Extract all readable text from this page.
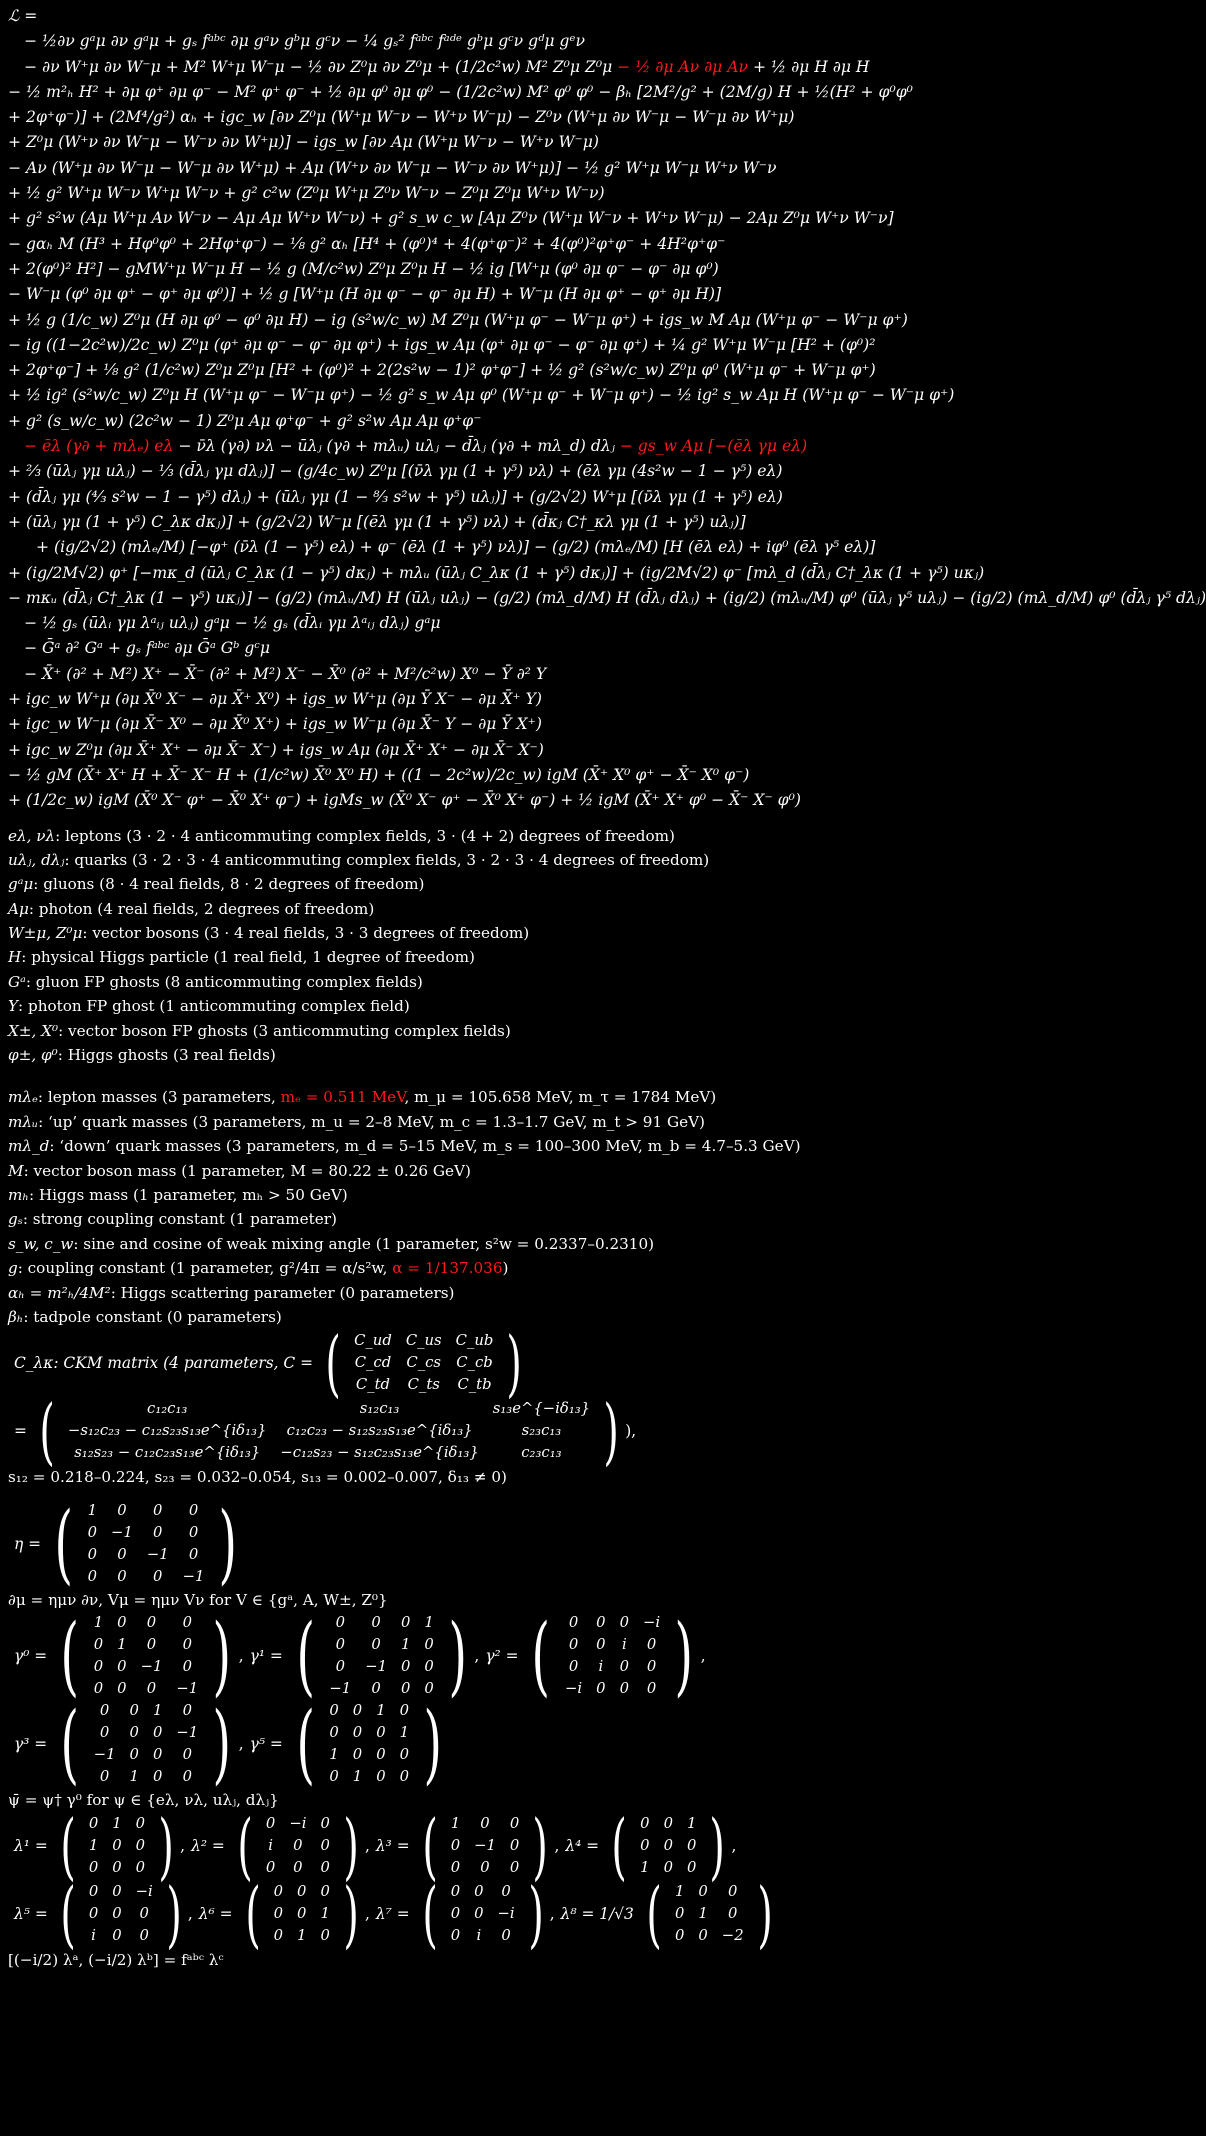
ℒ =
− ½∂ν gᵃμ ∂ν gᵃμ + gₛ fᵃᵇᶜ ∂μ gᵃν gᵇμ gᶜν − ¼ gₛ² fᵃᵇᶜ fᵃᵈᵉ gᵇμ gᶜν gᵈμ gᵉν
− ∂ν W⁺μ ∂ν W⁻μ + M² W⁺μ W⁻μ − ½ ∂ν Z⁰μ ∂ν Z⁰μ + (1/2c²w) M² Z⁰μ Z⁰μ − ½ ∂μ Aν ∂μ Aν + ½ ∂μ H ∂μ H
− ½ m²ₕ H² + ∂μ φ⁺ ∂μ φ⁻ − M² φ⁺ φ⁻ + ½ ∂μ φ⁰ ∂μ φ⁰ − (1/2c²w) M² φ⁰ φ⁰ − βₕ [2M²/g² + (2M/g) H + ½(H² + φ⁰φ⁰
+ 2φ⁺φ⁻)] + (2M⁴/g²) αₕ + igc_w [∂ν Z⁰μ (W⁺μ W⁻ν − W⁺ν W⁻μ) − Z⁰ν (W⁺μ ∂ν W⁻μ − W⁻μ ∂ν W⁺μ)
+ Z⁰μ (W⁺ν ∂ν W⁻μ − W⁻ν ∂ν W⁺μ)] − igs_w [∂ν Aμ (W⁺μ W⁻ν − W⁺ν W⁻μ)
− Aν (W⁺μ ∂ν W⁻μ − W⁻μ ∂ν W⁺μ) + Aμ (W⁺ν ∂ν W⁻μ − W⁻ν ∂ν W⁺μ)] − ½ g² W⁺μ W⁻μ W⁺ν W⁻ν
+ ½ g² W⁺μ W⁻ν W⁺μ W⁻ν + g² c²w (Z⁰μ W⁺μ Z⁰ν W⁻ν − Z⁰μ Z⁰μ W⁺ν W⁻ν)
+ g² s²w (Aμ W⁺μ Aν W⁻ν − Aμ Aμ W⁺ν W⁻ν) + g² s_w c_w [Aμ Z⁰ν (W⁺μ W⁻ν + W⁺ν W⁻μ) − 2Aμ Z⁰μ W⁺ν W⁻ν]
− gαₕ M (H³ + Hφ⁰φ⁰ + 2Hφ⁺φ⁻) − ⅛ g² αₕ [H⁴ + (φ⁰)⁴ + 4(φ⁺φ⁻)² + 4(φ⁰)²φ⁺φ⁻ + 4H²φ⁺φ⁻
+ 2(φ⁰)² H²] − gMW⁺μ W⁻μ H − ½ g (M/c²w) Z⁰μ Z⁰μ H − ½ ig [W⁺μ (φ⁰ ∂μ φ⁻ − φ⁻ ∂μ φ⁰)
− W⁻μ (φ⁰ ∂μ φ⁺ − φ⁺ ∂μ φ⁰)] + ½ g [W⁺μ (H ∂μ φ⁻ − φ⁻ ∂μ H) + W⁻μ (H ∂μ φ⁺ − φ⁺ ∂μ H)]
+ ½ g (1/c_w) Z⁰μ (H ∂μ φ⁰ − φ⁰ ∂μ H) − ig (s²w/c_w) M Z⁰μ (W⁺μ φ⁻ − W⁻μ φ⁺) + igs_w M Aμ (W⁺μ φ⁻ − W⁻μ φ⁺)
− ig ((1−2c²w)/2c_w) Z⁰μ (φ⁺ ∂μ φ⁻ − φ⁻ ∂μ φ⁺) + igs_w Aμ (φ⁺ ∂μ φ⁻ − φ⁻ ∂μ φ⁺) + ¼ g² W⁺μ W⁻μ [H² + (φ⁰)²
+ 2φ⁺φ⁻] + ⅛ g² (1/c²w) Z⁰μ Z⁰μ [H² + (φ⁰)² + 2(2s²w − 1)² φ⁺φ⁻] + ½ g² (s²w/c_w) Z⁰μ φ⁰ (W⁺μ φ⁻ + W⁻μ φ⁺)
+ ½ ig² (s²w/c_w) Z⁰μ H (W⁺μ φ⁻ − W⁻μ φ⁺) − ½ g² s_w Aμ φ⁰ (W⁺μ φ⁻ + W⁻μ φ⁺) − ½ ig² s_w Aμ H (W⁺μ φ⁻ − W⁻μ φ⁺)
+ g² (s_w/c_w) (2c²w − 1) Z⁰μ Aμ φ⁺φ⁻ + g² s²w Aμ Aμ φ⁺φ⁻
− ēλ (γ∂ + mλₑ) eλ − ν̄λ (γ∂) νλ − ūλⱼ (γ∂ + mλᵤ) uλⱼ − d̄λⱼ (γ∂ + mλ_d) dλⱼ − gs_w Aμ [−(ēλ γμ eλ)
+ ⅔ (ūλⱼ γμ uλⱼ) − ⅓ (d̄λⱼ γμ dλⱼ)] − (g/4c_w) Z⁰μ [(ν̄λ γμ (1 + γ⁵) νλ) + (ēλ γμ (4s²w − 1 − γ⁵) eλ)
+ (d̄λⱼ γμ (⁴⁄₃ s²w − 1 − γ⁵) dλⱼ) + (ūλⱼ γμ (1 − ⁸⁄₃ s²w + γ⁵) uλⱼ)] + (g/2√2) W⁺μ [(ν̄λ γμ (1 + γ⁵) eλ)
+ (ūλⱼ γμ (1 + γ⁵) C_λκ dκⱼ)] + (g/2√2) W⁻μ [(ēλ γμ (1 + γ⁵) νλ) + (d̄κⱼ C†_κλ γμ (1 + γ⁵) uλⱼ)]
+ (ig/2√2) (mλₑ/M) [−φ⁺ (ν̄λ (1 − γ⁵) eλ) + φ⁻ (ēλ (1 + γ⁵) νλ)] − (g/2) (mλₑ/M) [H (ēλ eλ) + iφ⁰ (ēλ γ⁵ eλ)]
+ (ig/2M√2) φ⁺ [−mκ_d (ūλⱼ C_λκ (1 − γ⁵) dκⱼ) + mλᵤ (ūλⱼ C_λκ (1 + γ⁵) dκⱼ)] + (ig/2M√2) φ⁻ [mλ_d (d̄λⱼ C†_λκ (1 + γ⁵) uκⱼ)
− mκᵤ (d̄λⱼ C†_λκ (1 − γ⁵) uκⱼ)] − (g/2) (mλᵤ/M) H (ūλⱼ uλⱼ) − (g/2) (mλ_d/M) H (d̄λⱼ dλⱼ) + (ig/2) (mλᵤ/M) φ⁰ (ūλⱼ γ⁵ uλⱼ) − (ig/2) (mλ_d/M) φ⁰ (d̄λⱼ γ⁵ dλⱼ)
− ½ gₛ (ūλᵢ γμ λᵃᵢⱼ uλⱼ) gᵃμ − ½ gₛ (d̄λᵢ γμ λᵃᵢⱼ dλⱼ) gᵃμ
− Ḡᵃ ∂² Gᵃ + gₛ fᵃᵇᶜ ∂μ Ḡᵃ Gᵇ gᶜμ
− X̄⁺ (∂² + M²) X⁺ − X̄⁻ (∂² + M²) X⁻ − X̄⁰ (∂² + M²/c²w) X⁰ − Ȳ ∂² Y
+ igc_w W⁺μ (∂μ X̄⁰ X⁻ − ∂μ X̄⁺ X⁰) + igs_w W⁺μ (∂μ Ȳ X⁻ − ∂μ X̄⁺ Y)
+ igc_w W⁻μ (∂μ X̄⁻ X⁰ − ∂μ X̄⁰ X⁺) + igs_w W⁻μ (∂μ X̄⁻ Y − ∂μ Ȳ X⁺)
+ igc_w Z⁰μ (∂μ X̄⁺ X⁺ − ∂μ X̄⁻ X⁻) + igs_w Aμ (∂μ X̄⁺ X⁺ − ∂μ X̄⁻ X⁻)
− ½ gM (X̄⁺ X⁺ H + X̄⁻ X⁻ H + (1/c²w) X̄⁰ X⁰ H) + ((1 − 2c²w)/2c_w) igM (X̄⁺ X⁰ φ⁺ − X̄⁻ X⁰ φ⁻)
+ (1/2c_w) igM (X̄⁰ X⁻ φ⁺ − X̄⁰ X⁺ φ⁻) + igMs_w (X̄⁰ X⁻ φ⁺ − X̄⁰ X⁺ φ⁻) + ½ igM (X̄⁺ X⁺ φ⁰ − X̄⁻ X⁻ φ⁰)
eλ, νλ: leptons (3 · 2 · 4 anticommuting complex fields, 3 · (4 + 2) degrees of freedom)
uλⱼ, dλⱼ: quarks (3 · 2 · 3 · 4 anticommuting complex fields, 3 · 2 · 3 · 4 degrees of freedom)
gᵃμ: gluons (8 · 4 real fields, 8 · 2 degrees of freedom)
Aμ: photon (4 real fields, 2 degrees of freedom)
W±μ, Z⁰μ: vector bosons (3 · 4 real fields, 3 · 3 degrees of freedom)
H: physical Higgs particle (1 real field, 1 degree of freedom)
Gᵃ: gluon FP ghosts (8 anticommuting complex fields)
Y: photon FP ghost (1 anticommuting complex field)
X±, X⁰: vector boson FP ghosts (3 anticommuting complex fields)
φ±, φ⁰: Higgs ghosts (3 real fields)
mλₑ: lepton masses (3 parameters, mₑ = 0.511 MeV, m_μ = 105.658 MeV, m_τ = 1784 MeV)
mλᵤ: ‘up’ quark masses (3 parameters, m_u = 2–8 MeV, m_c = 1.3–1.7 GeV, m_t > 91 GeV)
mλ_d: ‘down’ quark masses (3 parameters, m_d = 5–15 MeV, m_s = 100–300 MeV, m_b = 4.7–5.3 GeV)
M: vector boson mass (1 parameter, M = 80.22 ± 0.26 GeV)
mₕ: Higgs mass (1 parameter, mₕ > 50 GeV)
gₛ: strong coupling constant (1 parameter)
s_w, c_w: sine and cosine of weak mixing angle (1 parameter, s²w = 0.2337–0.2310)
g: coupling constant (1 parameter, g²/4π = α/s²w, α = 1/137.036)
αₕ = m²ₕ/4M²: Higgs scattering parameter (0 parameters)
βₕ: tadpole constant (0 parameters)
C_λκ: CKM matrix (4 parameters, C = ( C_ud	C_us	C_ub
C_cd	C_cs	C_cb
C_td	C_ts	C_tb )
= (	c₁₂c₁₃	s₁₂c₁₃	s₁₃e^{−iδ₁₃}
−s₁₂c₂₃ − c₁₂s₂₃s₁₃e^{iδ₁₃}	c₁₂c₂₃ − s₁₂s₂₃s₁₃e^{iδ₁₃}	s₂₃c₁₃
s₁₂s₂₃ − c₁₂c₂₃s₁₃e^{iδ₁₃}	−c₁₂s₂₃ − s₁₂c₂₃s₁₃e^{iδ₁₃}	c₂₃c₁₃ ) ),
s₁₂ = 0.218–0.224, s₂₃ = 0.032–0.054, s₁₃ = 0.002–0.007, δ₁₃ ≠ 0)
η = ( 1	0	0	0
0	−1	0	0
0	0	−1	0
0	0	0	−1 )
∂μ = ημν ∂ν, Vμ = ημν Vν for V ∈ {gᵃ, A, W±, Z⁰}
γ⁰ = ( 1	0	0	0
0	1	0	0
0	0	−1	0
0	0	0	−1 ) , γ¹ = ( 0	0	0	1
0	0	1	0
0	−1	0	0
−1	0	0	0 ) , γ² = ( 0	0	0	−i
0	0	i	0
0	i	0	0
−i	0	0	0 ) ,
γ³ = ( 0	0	1	0
0	0	0	−1
−1	0	0	0
0	1	0	0 ) , γ⁵ = ( 0	0	1	0
0	0	0	1
1	0	0	0
0	1	0	0 )
ψ̄ = ψ† γ⁰ for ψ ∈ {eλ, νλ, uλⱼ, dλⱼ}
λ¹ = ( 0	1	0
1	0	0
0	0	0 ) , λ² = ( 0	−i	0
i	0	0
0	0	0 ) , λ³ = ( 1	0	0
0	−1	0
0	0	0 ) , λ⁴ = ( 0	0	1
0	0	0
1	0	0 ) ,
λ⁵ = ( 0	0	−i
0	0	0
i	0	0 ) , λ⁶ = ( 0	0	0
0	0	1
0	1	0 ) , λ⁷ = ( 0	0	0
0	0	−i
0	i	0 ) , λ⁸ = 1/√3 ( 1	0	0
0	1	0
0	0	−2 )
[(−i/2) λᵃ, (−i/2) λᵇ] = fᵃᵇᶜ λᶜ
